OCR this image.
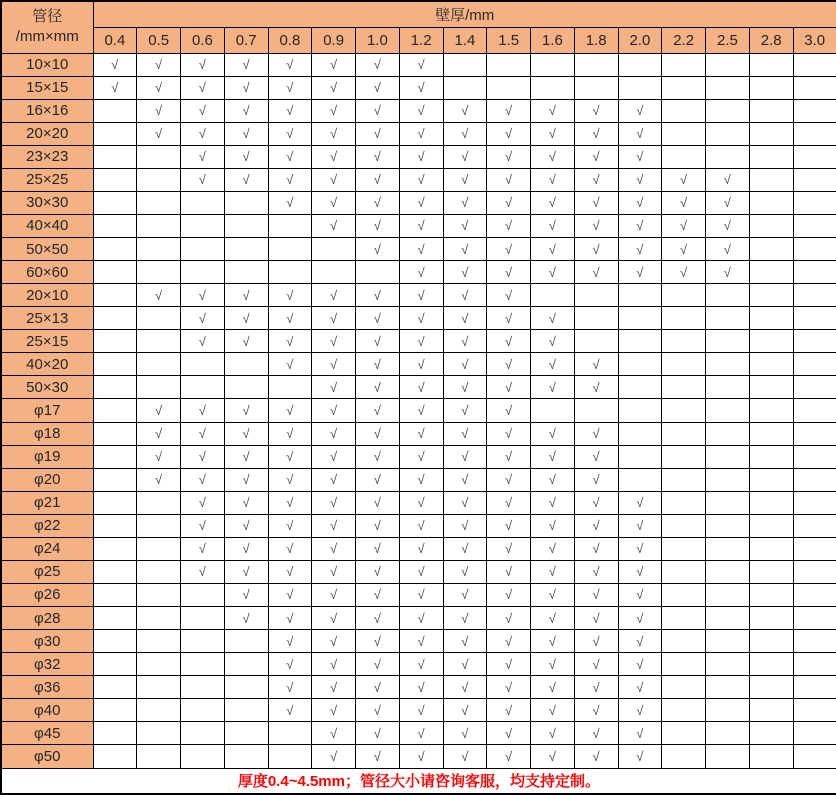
管径
/mm×mm	壁厚/mm																
	0.4	0.5	0.6	0.7	0.8	0.9	1.0	1.2	1.4	1.5	1.6	1.8	2.0	2.2	2.5	2.8	3.0
10×10	√	√	√	√	√	√	√	√									
15×15	√	√	√	√	√	√	√	√									
16×16		√	√	√	√	√	√	√	√	√	√	√	√				
20×20		√	√	√	√	√	√	√	√	√	√	√	√				
23×23			√	√	√	√	√	√	√	√	√	√	√				
25×25			√	√	√	√	√	√	√	√	√	√	√	√	√		
30×30					√	√	√	√	√	√	√	√	√	√	√		
40×40						√	√	√	√	√	√	√	√	√	√		
50×50							√	√	√	√	√	√	√	√	√		
60×60								√	√	√	√	√	√	√	√		
20×10		√	√	√	√	√	√	√	√	√							
25×13			√	√	√	√	√	√	√	√	√						
25×15			√	√	√	√	√	√	√	√	√						
40×20					√	√	√	√	√	√	√	√					
50×30						√	√	√	√	√	√	√					
φ17		√	√	√	√	√	√	√	√	√							
φ18		√	√	√	√	√	√	√	√	√	√	√					
φ19		√	√	√	√	√	√	√	√	√	√	√					
φ20		√	√	√	√	√	√	√	√	√	√	√					
φ21			√	√	√	√	√	√	√	√	√	√	√				
φ22			√	√	√	√	√	√	√	√	√	√	√				
φ24			√	√	√	√	√	√	√	√	√	√	√				
φ25			√	√	√	√	√	√	√	√	√	√	√				
φ26				√	√	√	√	√	√	√	√	√	√				
φ28				√	√	√	√	√	√	√	√	√	√				
φ30					√	√	√	√	√	√	√	√	√				
φ32					√	√	√	√	√	√	√	√	√				
φ36					√	√	√	√	√	√	√	√	√				
φ40					√	√	√	√	√	√	√	√	√				
φ45						√	√	√	√	√	√	√	√				
φ50						√	√	√	√	√	√	√	√				
厚度0.4~4.5mm；管径大小请咨询客服，均支持定制。																	
